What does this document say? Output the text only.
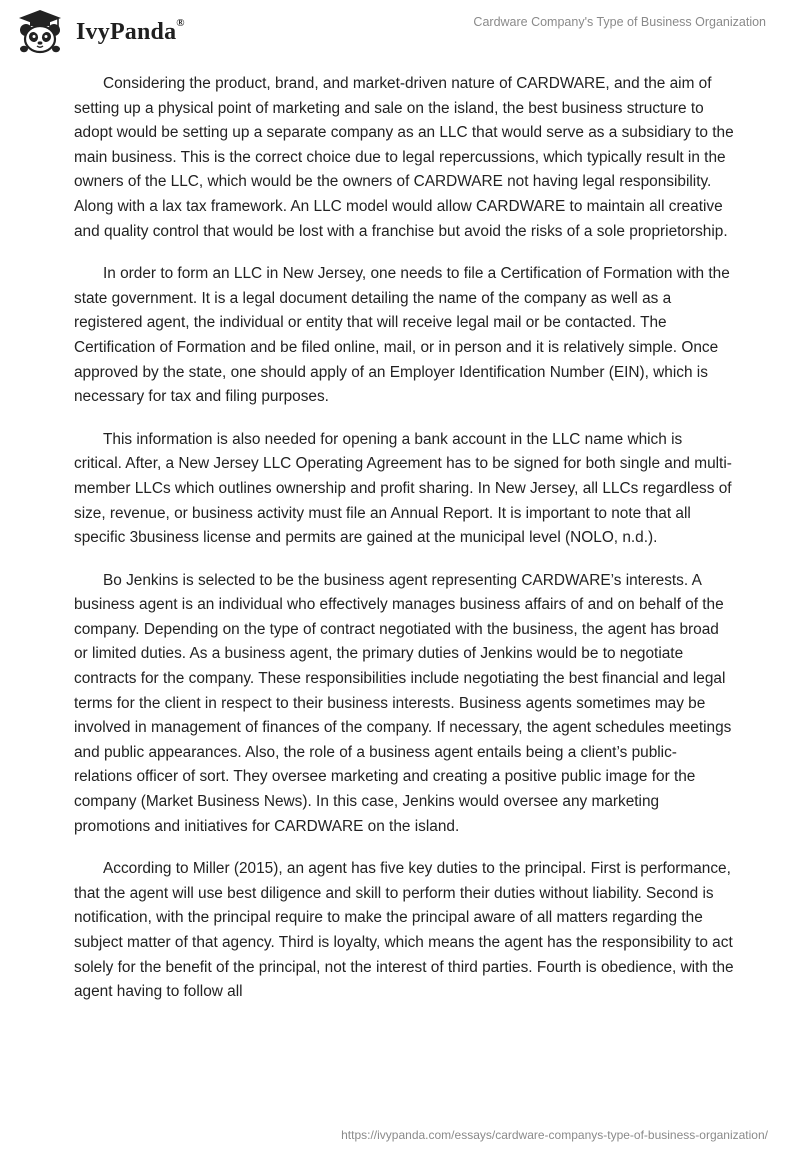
IvyPanda®	Cardware Company's Type of Business Organization

Considering the product, brand, and market-driven nature of CARDWARE, and the aim of setting up a physical point of marketing and sale on the island, the best business structure to adopt would be setting up a separate company as an LLC that would serve as a subsidiary to the main business. This is the correct choice due to legal repercussions, which typically result in the owners of the LLC, which would be the owners of CARDWARE not having legal responsibility. Along with a lax tax framework. An LLC model would allow CARDWARE to maintain all creative and quality control that would be lost with a franchise but avoid the risks of a sole proprietorship.

In order to form an LLC in New Jersey, one needs to file a Certification of Formation with the state government. It is a legal document detailing the name of the company as well as a registered agent, the individual or entity that will receive legal mail or be contacted. The Certification of Formation and be filed online, mail, or in person and it is relatively simple. Once approved by the state, one should apply of an Employer Identification Number (EIN), which is necessary for tax and filing purposes.

This information is also needed for opening a bank account in the LLC name which is critical. After, a New Jersey LLC Operating Agreement has to be signed for both single and multi-member LLCs which outlines ownership and profit sharing. In New Jersey, all LLCs regardless of size, revenue, or business activity must file an Annual Report. It is important to note that all specific 3business license and permits are gained at the municipal level (NOLO, n.d.).

Bo Jenkins is selected to be the business agent representing CARDWARE’s interests. A business agent is an individual who effectively manages business affairs of and on behalf of the company. Depending on the type of contract negotiated with the business, the agent has broad or limited duties. As a business agent, the primary duties of Jenkins would be to negotiate contracts for the company. These responsibilities include negotiating the best financial and legal terms for the client in respect to their business interests. Business agents sometimes may be involved in management of finances of the company. If necessary, the agent schedules meetings and public appearances. Also, the role of a business agent entails being a client’s public-relations officer of sort. They oversee marketing and creating a positive public image for the company (Market Business News). In this case, Jenkins would oversee any marketing promotions and initiatives for CARDWARE on the island.

According to Miller (2015), an agent has five key duties to the principal. First is performance, that the agent will use best diligence and skill to perform their duties without liability. Second is notification, with the principal require to make the principal aware of all matters regarding the subject matter of that agency. Third is loyalty, which means the agent has the responsibility to act solely for the benefit of the principal, not the interest of third parties. Fourth is obedience, with the agent having to follow all

https://ivypanda.com/essays/cardware-companys-type-of-business-organization/
